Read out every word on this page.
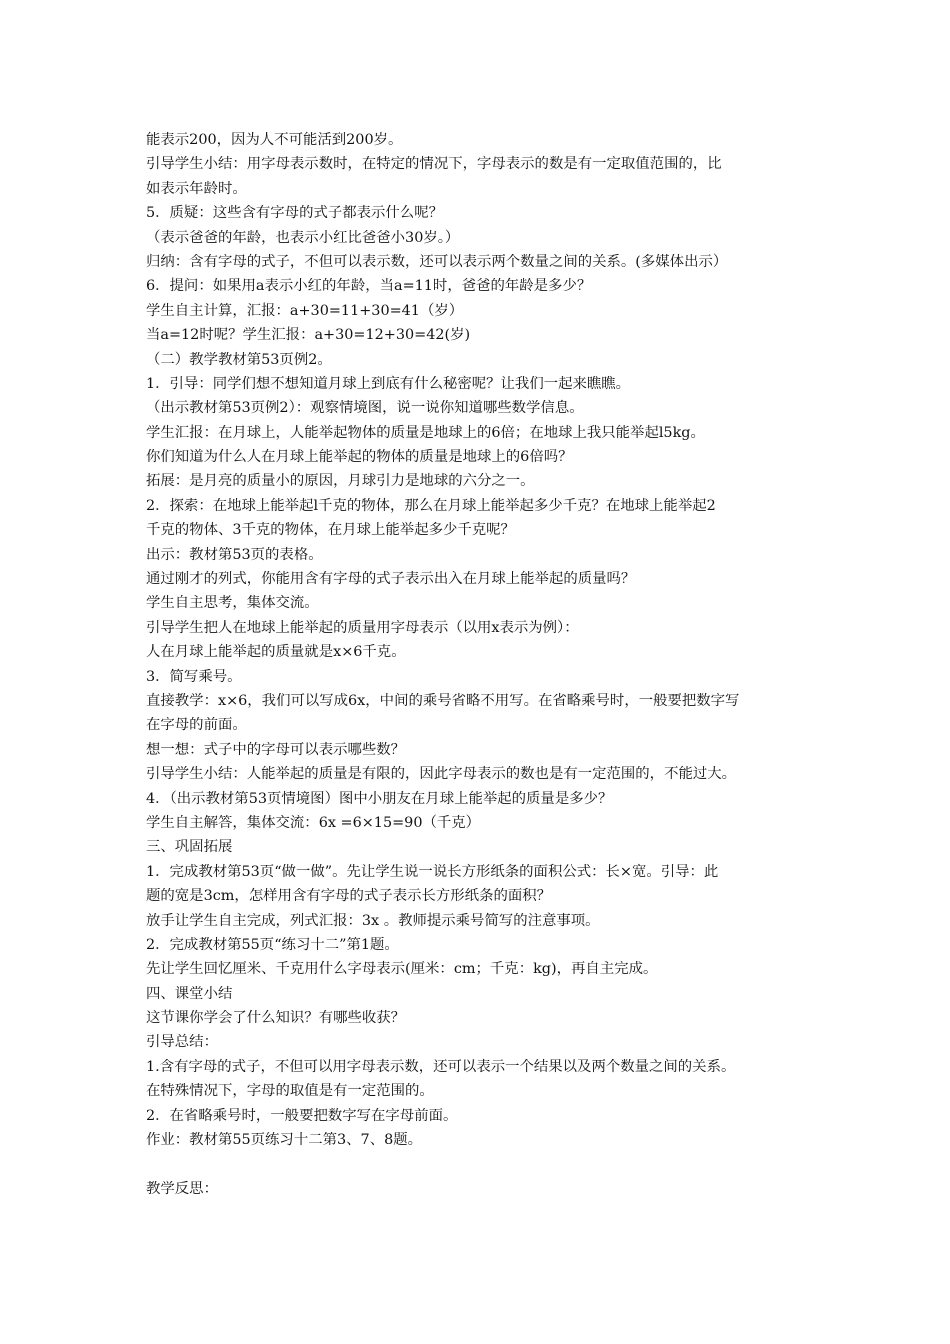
能表示200，因为人不可能活到200岁。
引导学生小结：用字母表示数时，在特定的情况下，字母表示的数是有一定取值范围的，比
如表示年龄时。
5．质疑：这些含有字母的式子都表示什么呢？
（表示爸爸的年龄，也表示小红比爸爸小30岁。）
归纳：含有字母的式子，不但可以表示数，还可以表示两个数量之间的关系。(多媒体出示）
6．提问：如果用a表示小红的年龄，当a=11时，爸爸的年龄是多少？
学生自主计算，汇报：a+30=11+30=41（岁）
当a=12时呢？学生汇报：a+30=12+30=42(岁)
（二）教学教材第53页例2。
1．引导：同学们想不想知道月球上到底有什么秘密呢？让我们一起来瞧瞧。
（出示教材第53页例2）：观察情境图，说一说你知道哪些数学信息。
学生汇报：在月球上，人能举起物体的质量是地球上的6倍；在地球上我只能举起l5kg。
你们知道为什么人在月球上能举起的物体的质量是地球上的6倍吗？
拓展：是月亮的质量小的原因，月球引力是地球的六分之一。
2．探索：在地球上能举起l千克的物体，那么在月球上能举起多少千克？在地球上能举起2
千克的物体、3千克的物体，在月球上能举起多少千克呢？
出示：教材第53页的表格。
通过刚才的列式，你能用含有字母的式子表示出入在月球上能举起的质量吗？
学生自主思考，集体交流。
引导学生把人在地球上能举起的质量用字母表示（以用x表示为例）：
人在月球上能举起的质量就是x×6千克。
3．简写乘号。
直接教学：x×6，我们可以写成6x，中间的乘号省略不用写。在省略乘号时，一般要把数字写
在字母的前面。
想一想：式子中的字母可以表示哪些数？
引导学生小结：人能举起的质量是有限的，因此字母表示的数也是有一定范围的，不能过大。
4．（出示教材第53页情境图）图中小朋友在月球上能举起的质量是多少？
学生自主解答，集体交流：6x =6×15=90（千克）
三、巩固拓展
1．完成教材第53页“做一做”。先让学生说一说长方形纸条的面积公式：长×宽。引导：此
题的宽是3cm，怎样用含有字母的式子表示长方形纸条的面积？
放手让学生自主完成，列式汇报：3x 。教师提示乘号简写的注意事项。
2．完成教材第55页“练习十二”第1题。
先让学生回忆厘米、千克用什么字母表示(厘米：cm；千克：kg)，再自主完成。
四、课堂小结
这节课你学会了什么知识？有哪些收获？
引导总结：
1.含有字母的式子，不但可以用字母表示数，还可以表示一个结果以及两个数量之间的关系。
在特殊情况下，字母的取值是有一定范围的。
2．在省略乘号时，一般要把数字写在字母前面。
作业：教材第55页练习十二第3、7、8题。
教学反思：
